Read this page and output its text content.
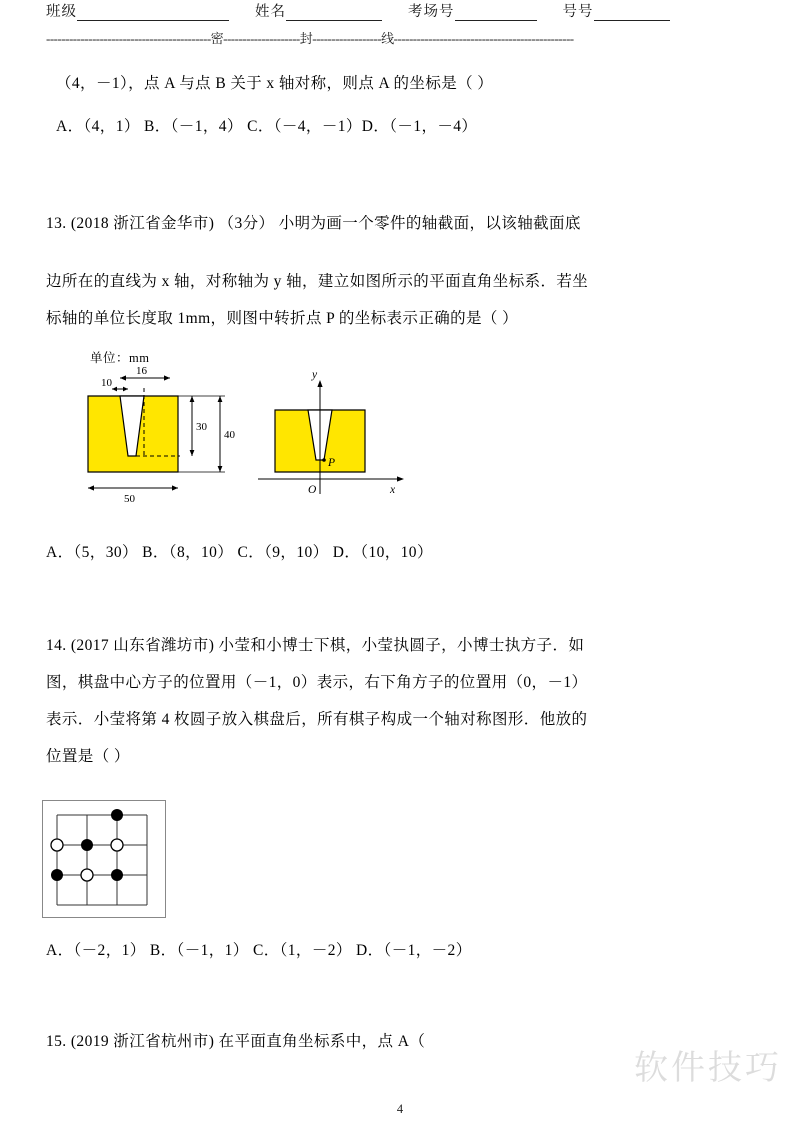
班级	姓名	考场号	号号
-------------------------------------------密--------------------封------------------线-----------------------------------------------
（4，－1），点 A 与点 B 关于 x 轴对称，则点 A 的坐标是（ ）
A．（4，1） B．（－1，4） C．（－4，－1）D．（－1，－4）
13. (2018 浙江省金华市) （3分） 小明为画一个零件的轴截面，以该轴截面底
边所在的直线为 x 轴，对称轴为 y 轴，建立如图所示的平面直角坐标系．若坐
标轴的单位长度取 1mm，则图中转折点 P 的坐标表示正确的是（ ）
单位：mm
10
16
30
40
50
y
x
O
P
A．（5，30） B．（8，10） C．（9，10） D．（10，10）
14. (2017 山东省潍坊市) 小莹和小博士下棋，小莹执圆子，小博士执方子．如
图，棋盘中心方子的位置用（－1，0）表示，右下角方子的位置用（0，－1）
表示．小莹将第 4 枚圆子放入棋盘后，所有棋子构成一个轴对称图形．他放的
位置是（ ）
A．（－2，1） B．（－1，1） C．（1，－2） D．（－1，－2）
15. (2019 浙江省杭州市) 在平面直角坐标系中，点 A（
软件技巧
4
